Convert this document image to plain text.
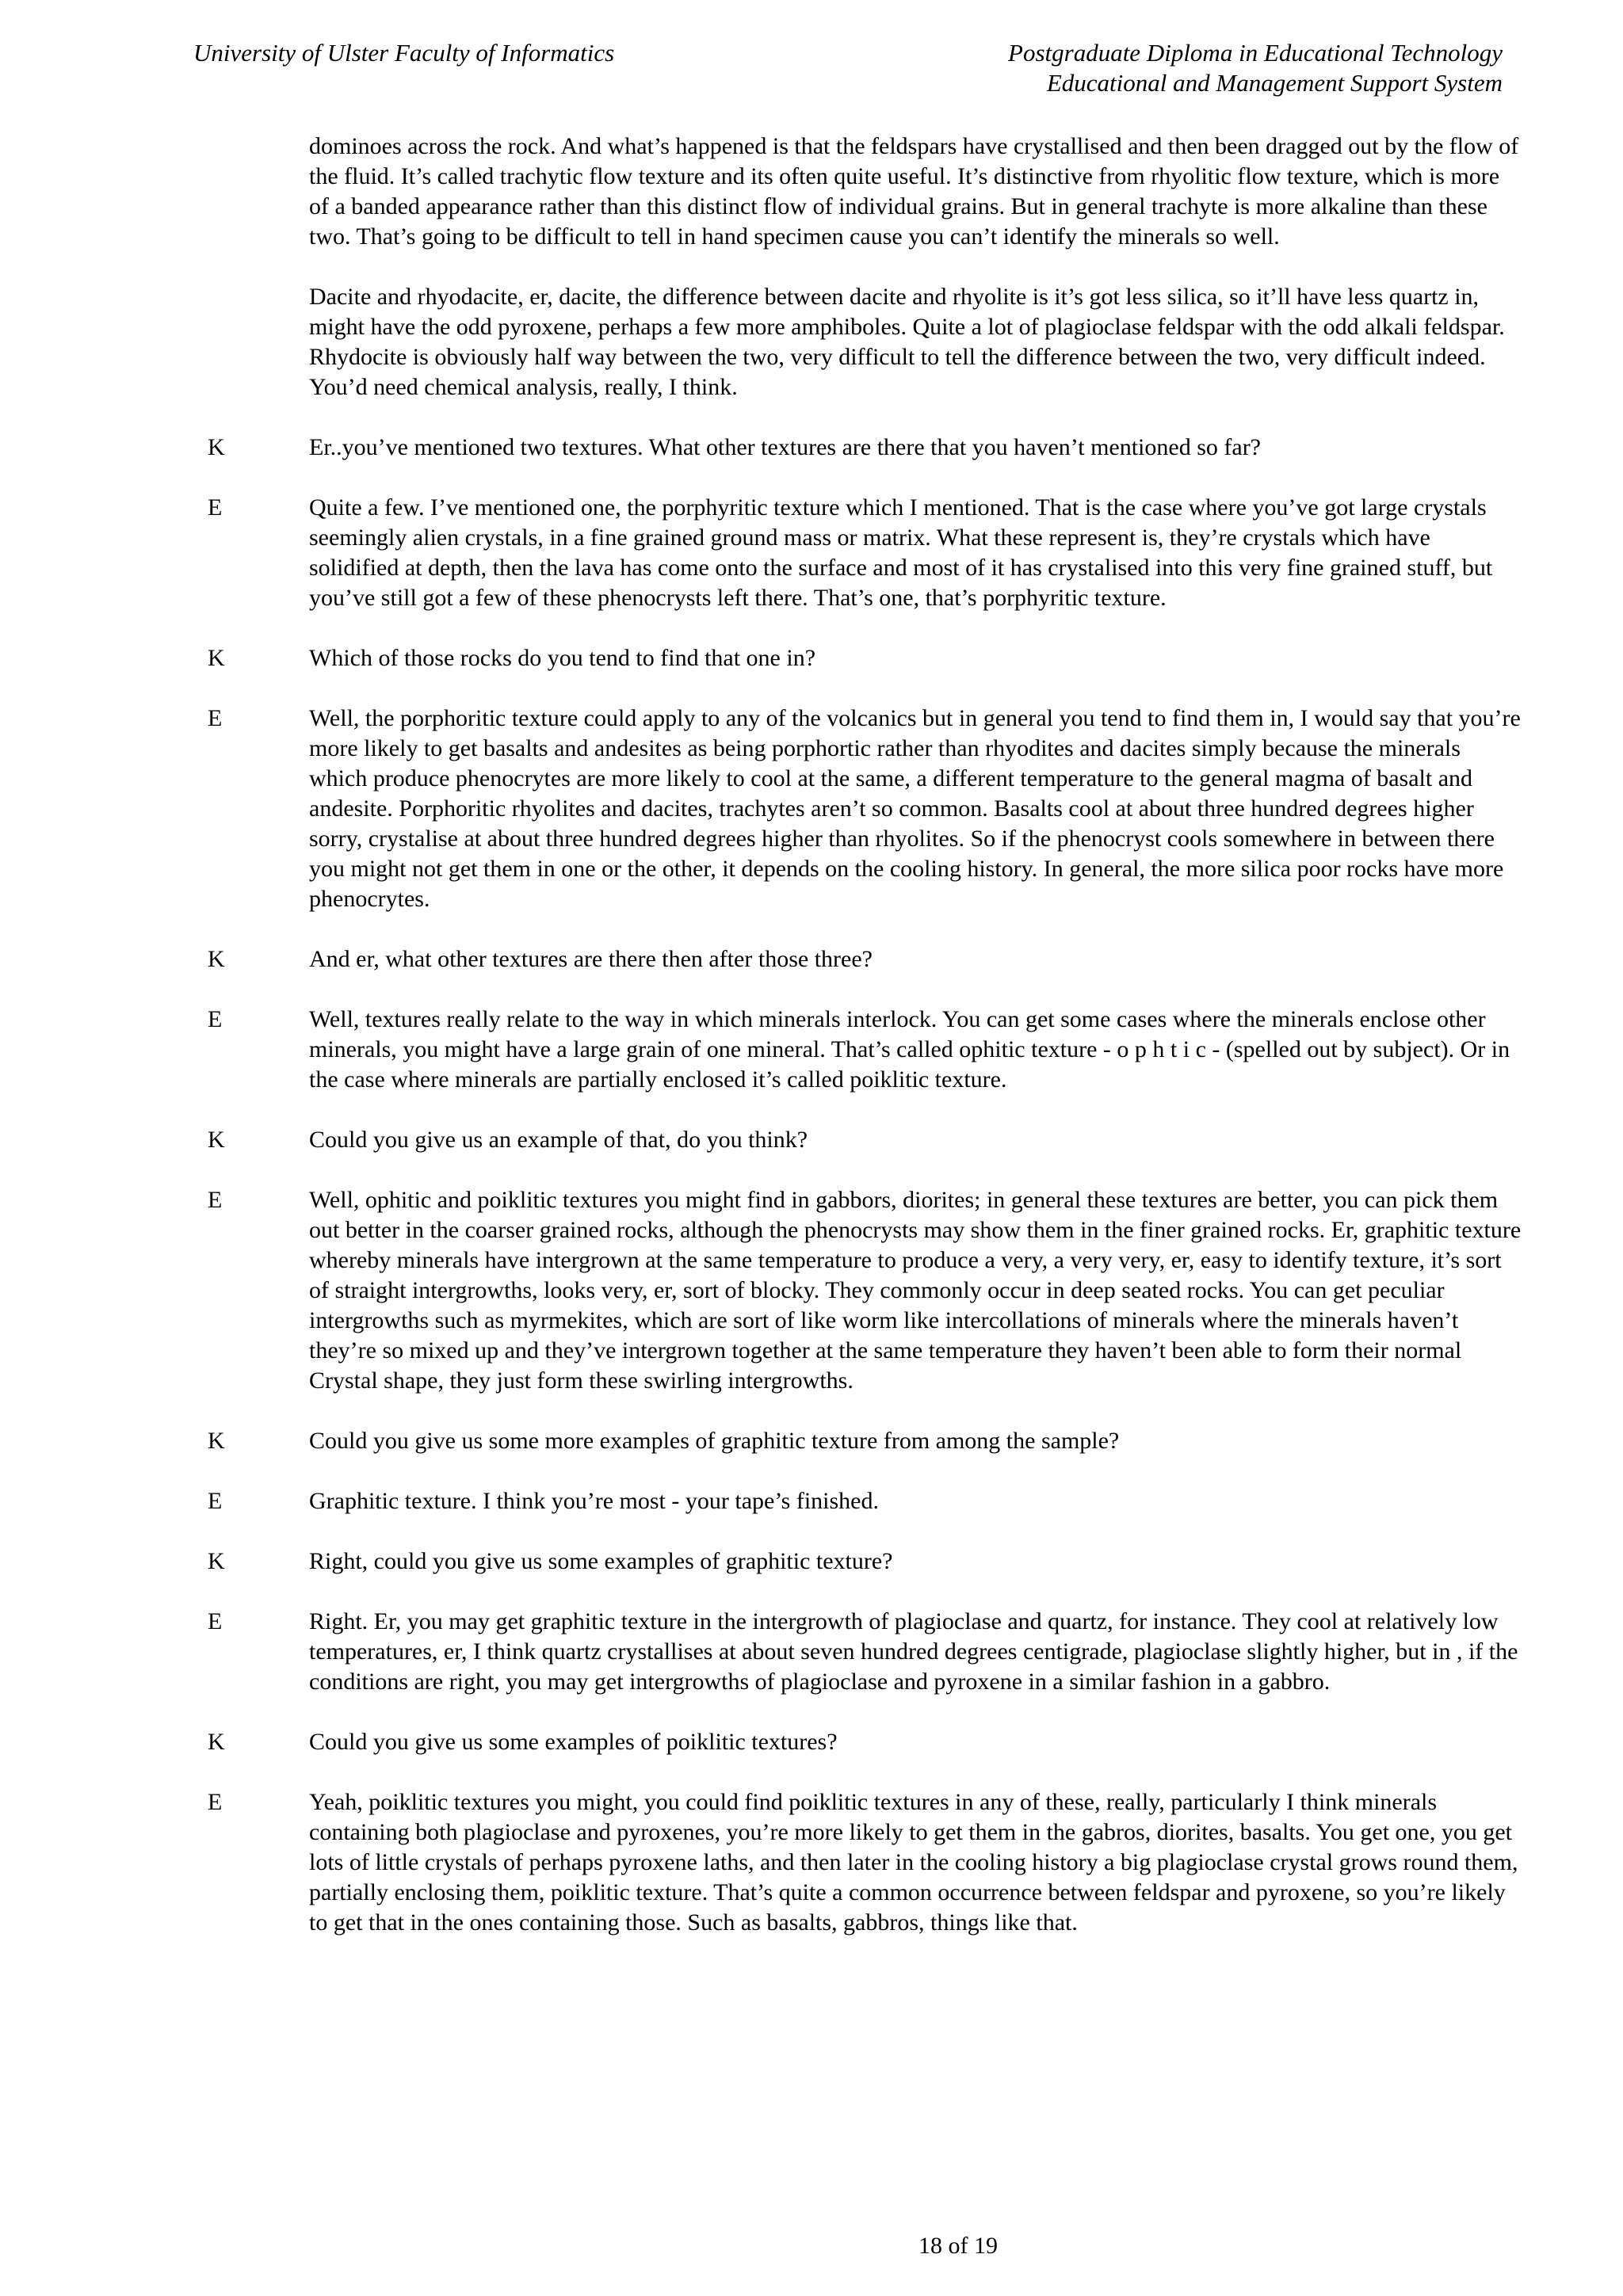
University of Ulster Faculty of Informatics	Postgraduate Diploma in Educational Technology
Educational and Management Support System
dominoes across the rock. And what’s happened is that the feldspars have crystallised and then been dragged out by the flow of the fluid. It’s called trachytic flow texture and its often quite useful. It’s distinctive from rhyolitic flow texture, which is more of a banded appearance rather than this distinct flow of individual grains. But in general trachyte is more alkaline than these two. That’s going to be difficult to tell in hand specimen cause you can’t identify the minerals so well.
Dacite and rhyodacite, er, dacite, the difference between dacite and rhyolite is it’s got less silica, so it’ll have less quartz in, might have the odd pyroxene, perhaps a few more amphiboles. Quite a lot of plagioclase feldspar with the odd alkali feldspar. Rhydocite is obviously half way between the two, very difficult to tell the difference between the two, very difficult indeed. You’d need chemical analysis, really, I think.
K	Er..you’ve mentioned two textures. What other textures are there that you haven’t mentioned so far?
E	Quite a few. I’ve mentioned one, the porphyritic texture which I mentioned. That is the case where you’ve got large crystals seemingly alien crystals, in a fine grained ground mass or matrix. What these represent is, they’re crystals which have solidified at depth, then the lava has come onto the surface and most of it has crystalised into this very fine grained stuff, but you’ve still got a few of these phenocrysts left there. That’s one, that’s porphyritic texture.
K	Which of those rocks do you tend to find that one in?
E	Well, the porphoritic texture could apply to any of the volcanics but in general you tend to find them in, I would say that you’re more likely to get basalts and andesites as being porphortic rather than rhyodites and dacites simply because the minerals which produce phenocrytes are more likely to cool at the same, a different temperature to the general magma of basalt and andesite. Porphoritic rhyolites and dacites, trachytes aren’t so common. Basalts cool at about three hundred degrees higher sorry, crystalise at about three hundred degrees higher than rhyolites. So if the phenocryst cools somewhere in between there you might not get them in one or the other, it depends on the cooling history. In general, the more silica poor rocks have more phenocrytes.
K	And er, what other textures are there then after those three?
E	Well, textures really relate to the way in which minerals interlock. You can get some cases where the minerals enclose other minerals, you might have a large grain of one mineral. That’s called ophitic texture - o p h t i c - (spelled out by subject). Or in the case where minerals are partially enclosed it’s called poiklitic texture.
K	Could you give us an example of that, do you think?
E	Well, ophitic and poiklitic textures you might find in gabbors, diorites; in general these textures are better, you can pick them out better in the coarser grained rocks, although the phenocrysts may show them in the finer grained rocks. Er, graphitic texture whereby minerals have intergrown at the same temperature to produce a very, a very very, er, easy to identify texture, it’s sort of straight intergrowths, looks very, er, sort of blocky. They commonly occur in deep seated rocks. You can get peculiar intergrowths such as myrmekites, which are sort of like worm like intercollations of minerals where the minerals haven’t they’re so mixed up and they’ve intergrown together at the same temperature they haven’t been able to form their normal Crystal shape, they just form these swirling intergrowths.
K	Could you give us some more examples of graphitic texture from among the sample?
E	Graphitic texture. I think you’re most - your tape’s finished.
K	Right, could you give us some examples of graphitic texture?
E	Right. Er, you may get graphitic texture in the intergrowth of plagioclase and quartz, for instance. They cool at relatively low temperatures, er, I think quartz crystallises at about seven hundred degrees centigrade, plagioclase slightly higher, but in , if the conditions are right, you may get intergrowths of plagioclase and pyroxene in a similar fashion in a gabbro.
K	Could you give us some examples of poiklitic textures?
E	Yeah, poiklitic textures you might, you could find poiklitic textures in any of these, really, particularly I think minerals containing both plagioclase and pyroxenes, you’re more likely to get them in the gabros, diorites, basalts. You get one, you get lots of little crystals of perhaps pyroxene laths, and then later in the cooling history a big plagioclase crystal grows round them, partially enclosing them, poiklitic texture. That’s quite a common occurrence between feldspar and pyroxene, so you’re likely to get that in the ones containing those. Such as basalts, gabbros, things like that.
18 of 19
